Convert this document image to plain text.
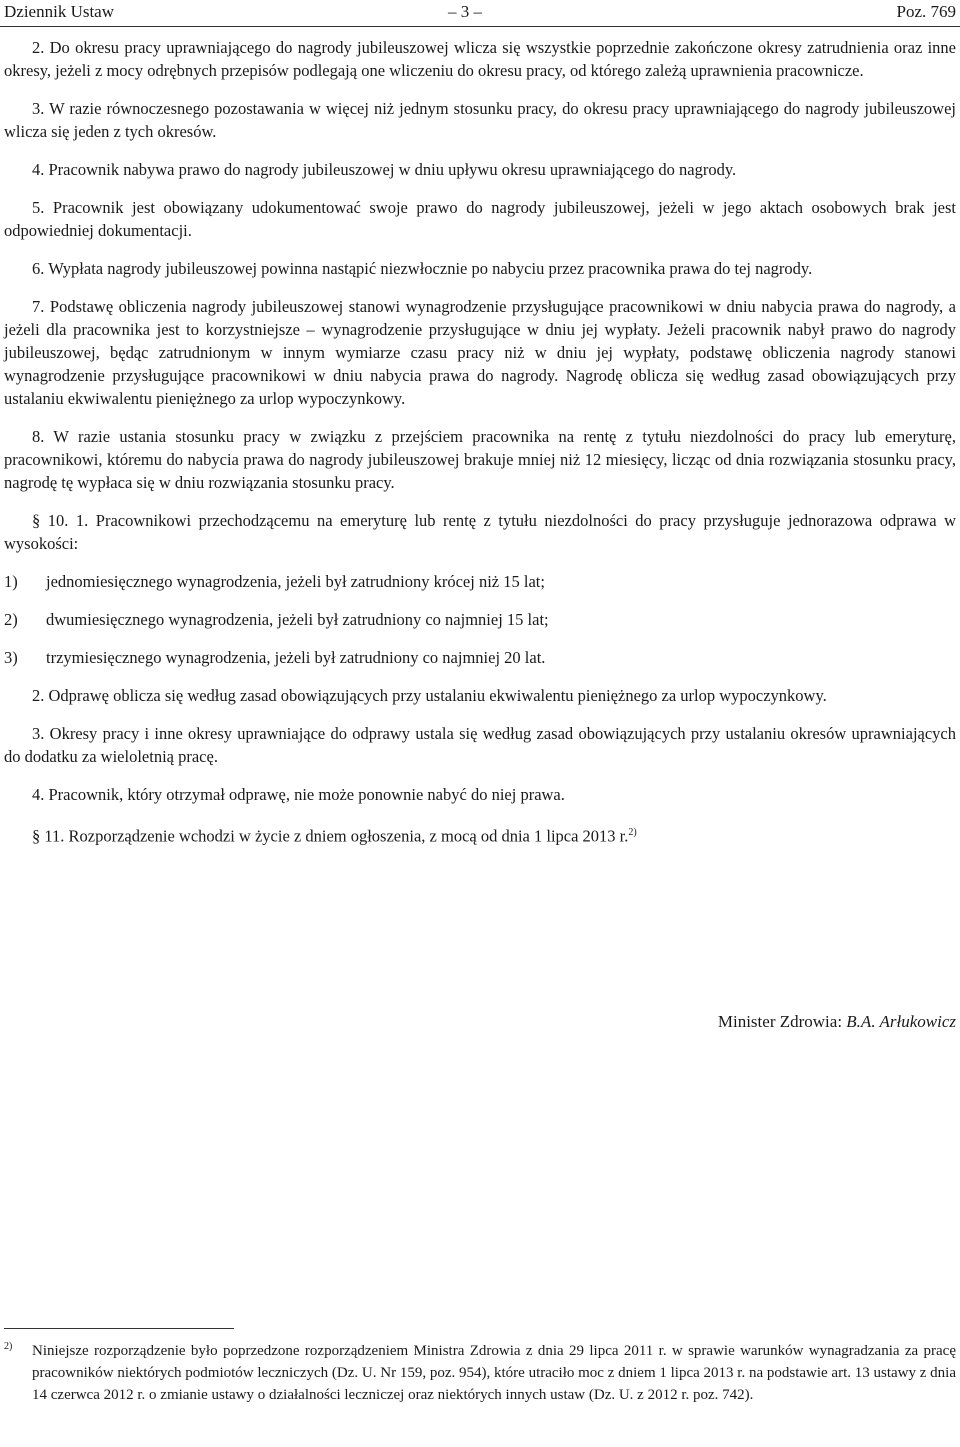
Dziennik Ustaw	– 3 –	Poz. 769

2. Do okresu pracy uprawniającego do nagrody jubileuszowej wlicza się wszystkie poprzednie zakończone okresy zatrudnienia oraz inne okresy, jeżeli z mocy odrębnych przepisów podlegają one wliczeniu do okresu pracy, od którego zależą uprawnienia pracownicze.

3. W razie równoczesnego pozostawania w więcej niż jednym stosunku pracy, do okresu pracy uprawniającego do nagrody jubileuszowej wlicza się jeden z tych okresów.

4. Pracownik nabywa prawo do nagrody jubileuszowej w dniu upływu okresu uprawniającego do nagrody.

5. Pracownik jest obowiązany udokumentować swoje prawo do nagrody jubileuszowej, jeżeli w jego aktach osobowych brak jest odpowiedniej dokumentacji.

6. Wypłata nagrody jubileuszowej powinna nastąpić niezwłocznie po nabyciu przez pracownika prawa do tej nagrody.

7. Podstawę obliczenia nagrody jubileuszowej stanowi wynagrodzenie przysługujące pracownikowi w dniu nabycia prawa do nagrody, a jeżeli dla pracownika jest to korzystniejsze – wynagrodzenie przysługujące w dniu jej wypłaty. Jeżeli pracownik nabył prawo do nagrody jubileuszowej, będąc zatrudnionym w innym wymiarze czasu pracy niż w dniu jej wypłaty, podstawę obliczenia nagrody stanowi wynagrodzenie przysługujące pracownikowi w dniu nabycia prawa do nagrody. Nagrodę oblicza się według zasad obowiązujących przy ustalaniu ekwiwalentu pieniężnego za urlop wypoczynkowy.

8. W razie ustania stosunku pracy w związku z przejściem pracownika na rentę z tytułu niezdolności do pracy lub emeryturę, pracownikowi, któremu do nabycia prawa do nagrody jubileuszowej brakuje mniej niż 12 miesięcy, licząc od dnia rozwiązania stosunku pracy, nagrodę tę wypłaca się w dniu rozwiązania stosunku pracy.

§ 10. 1. Pracownikowi przechodzącemu na emeryturę lub rentę z tytułu niezdolności do pracy przysługuje jednorazowa odprawa w wysokości:

1)	jednomiesięcznego wynagrodzenia, jeżeli był zatrudniony krócej niż 15 lat;
2)	dwumiesięcznego wynagrodzenia, jeżeli był zatrudniony co najmniej 15 lat;
3)	trzymiesięcznego wynagrodzenia, jeżeli był zatrudniony co najmniej 20 lat.

2. Odprawę oblicza się według zasad obowiązujących przy ustalaniu ekwiwalentu pieniężnego za urlop wypoczynkowy.

3. Okresy pracy i inne okresy uprawniające do odprawy ustala się według zasad obowiązujących przy ustalaniu okresów uprawniających do dodatku za wieloletnią pracę.

4. Pracownik, który otrzymał odprawę, nie może ponownie nabyć do niej prawa.

§ 11. Rozporządzenie wchodzi w życie z dniem ogłoszenia, z mocą od dnia 1 lipca 2013 r.$^{2)}$

Minister Zdrowia: B.A. Arłukowicz
2)	Niniejsze rozporządzenie było poprzedzone rozporządzeniem Ministra Zdrowia z dnia 29 lipca 2011 r. w sprawie warunków wynagradzania za pracę pracowników niektórych podmiotów leczniczych (Dz. U. Nr 159, poz. 954), które utraciło moc z dniem 1 lipca 2013 r. na podstawie art. 13 ustawy z dnia 14 czerwca 2012 r. o zmianie ustawy o działalności leczniczej oraz niektórych innych ustaw (Dz. U. z 2012 r. poz. 742).
